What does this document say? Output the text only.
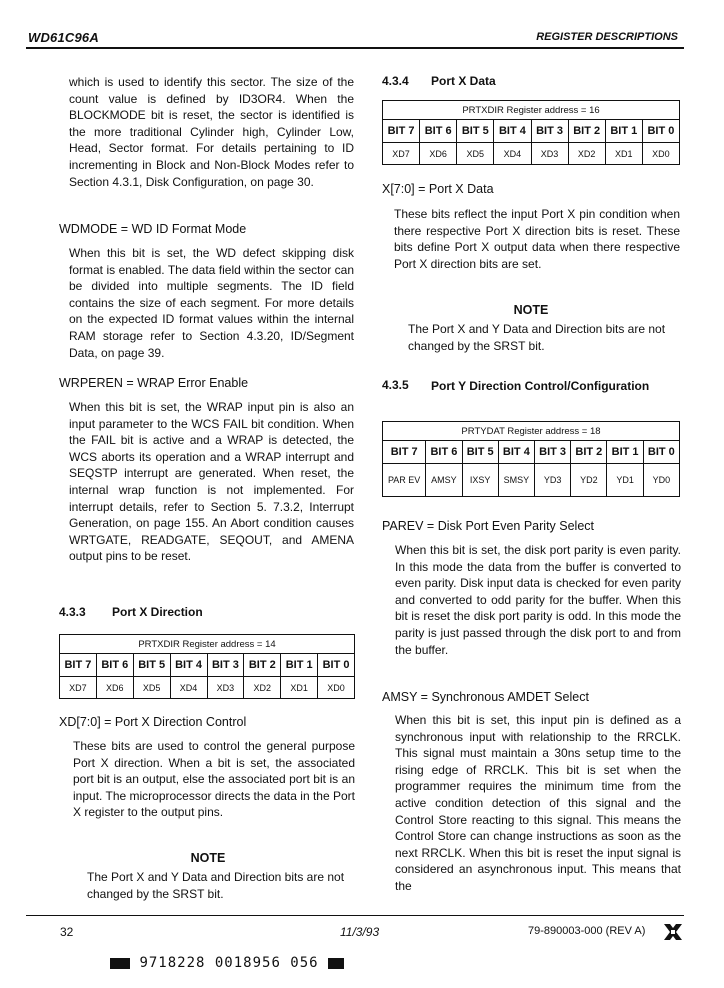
WD61C96A	REGISTER DESCRIPTIONS

which is used to identify this sector. The size of the count value is defined by ID3OR4. When the BLOCKMODE bit is reset, the sector is identified is the more traditional Cylinder high, Cylinder Low, Head, Sector format. For details pertaining to ID incrementing in Block and Non-Block Modes refer to Section 4.3.1, Disk Configuration, on page 30.

WDMODE = WD ID Format Mode

When this bit is set, the WD defect skipping disk format is enabled. The data field within the sector can be divided into multiple segments. The ID field contains the size of each segment. For more details on the expected ID format values within the internal RAM storage refer to Section 4.3.20, ID/Segment Data, on page 39.

WRPEREN = WRAP Error Enable

When this bit is set, the WRAP input pin is also an input parameter to the WCS FAIL bit condition. When the FAIL bit is active and a WRAP is detected, the WCS aborts its operation and a WRAP interrupt and SEQSTP interrupt are generated. When reset, the internal wrap function is not implemented. For interrupt details, refer to Section 5. 7.3.2, Interrupt Generation, on page 155. An Abort condition causes WRTGATE, READGATE, SEQOUT, and AMENA output pins to be reset.

4.3.3 Port X Direction
PRTXDIR Register address = 14							
BIT 7	BIT 6	BIT 5	BIT 4	BIT 3	BIT 2	BIT 1	BIT 0
XD7	XD6	XD5	XD4	XD3	XD2	XD1	XD0
XD[7:0] = Port X Direction Control

These bits are used to control the general purpose Port X direction. When a bit is set, the associated port bit is an output, else the associated port bit is an input. The microprocessor directs the data in the Port X register to the output pins.

NOTE
The Port X and Y Data and Direction bits are not changed by the SRST bit.
4.3.4 Port X Data
PRTXDIR Register address = 16							
BIT 7	BIT 6	BIT 5	BIT 4	BIT 3	BIT 2	BIT 1	BIT 0
XD7	XD6	XD5	XD4	XD3	XD2	XD1	XD0
X[7:0] = Port X Data

These bits reflect the input Port X pin condition when there respective Port X direction bits is reset. These bits define Port X output data when there respective Port X direction bits are set.

NOTE
The Port X and Y Data and Direction bits are not changed by the SRST bit.
4.3.5 Port Y Direction Control/Configuration
PRTYDAT Register address = 18							
BIT 7	BIT 6	BIT 5	BIT 4	BIT 3	BIT 2	BIT 1	BIT 0
PAR EV	AMSY	IXSY	SMSY	YD3	YD2	YD1	YD0
PAREV = Disk Port Even Parity Select

When this bit is set, the disk port parity is even parity. In this mode the data from the buffer is converted to even parity. Disk input data is checked for even parity and converted to odd parity for the buffer. When this bit is reset the disk port parity is odd. In this mode the parity is just passed through the disk port to and from the buffer.

AMSY = Synchronous AMDET Select

When this bit is set, this input pin is defined as a synchronous input with relationship to the RRCLK. This signal must maintain a 30ns setup time to the rising edge of RRCLK. This bit is set when the programmer requires the minimum time from the active condition detection of this signal and the Control Store reacting to this signal. This means the Control Store can change instructions as soon as the next RRCLK. When this bit is reset the input signal is considered an asynchronous input. This means that the

32	11/3/93	79-890003-000 (REV A)
9718228 0018956 056
